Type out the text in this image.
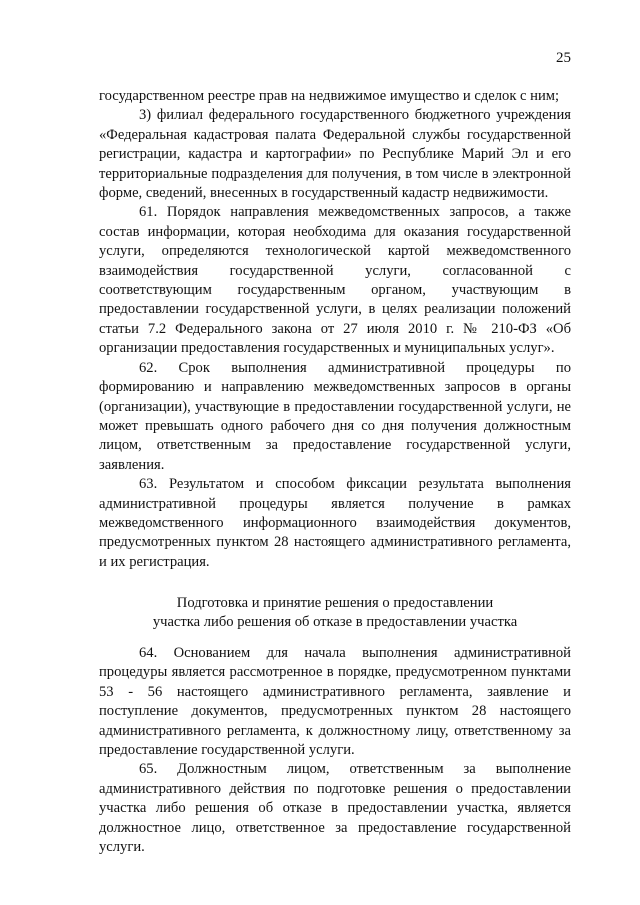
25

государственном реестре прав на недвижимое имущество и сделок с ним;

3) филиал федерального государственного бюджетного учреждения «Федеральная кадастровая палата Федеральной службы государственной регистрации, кадастра и картографии» по Республике Марий Эл и его территориальные подразделения для получения, в том числе в электронной форме, сведений, внесенных в государственный кадастр недвижимости.

61. Порядок направления межведомственных запросов, а также состав информации, которая необходима для оказания государственной услуги, определяются технологической картой межведомственного взаимодействия государственной услуги, согласованной с соответствующим государственным органом, участвующим в предоставлении государственной услуги, в целях реализации положений статьи 7.2 Федерального закона от 27 июля 2010 г. № 210-ФЗ «Об организации предоставления государственных и муниципальных услуг».

62. Срок выполнения административной процедуры по формированию и направлению межведомственных запросов в органы (организации), участвующие в предоставлении государственной услуги, не может превышать одного рабочего дня со дня получения должностным лицом, ответственным за предоставление государственной услуги, заявления.

63. Результатом и способом фиксации результата выполнения административной процедуры является получение в рамках межведомственного информационного взаимодействия документов, предусмотренных пунктом 28 настоящего административного регламента, и их регистрация.

Подготовка и принятие решения о предоставлении
участка либо решения об отказе в предоставлении участка

64. Основанием для начала выполнения административной процедуры является рассмотренное в порядке, предусмотренном пунктами 53 - 56 настоящего административного регламента, заявление и поступление документов, предусмотренных пунктом 28 настоящего административного регламента, к должностному лицу, ответственному за предоставление государственной услуги.

65. Должностным лицом, ответственным за выполнение административного действия по подготовке решения о предоставлении участка либо решения об отказе в предоставлении участка, является должностное лицо, ответственное за предоставление государственной услуги.
